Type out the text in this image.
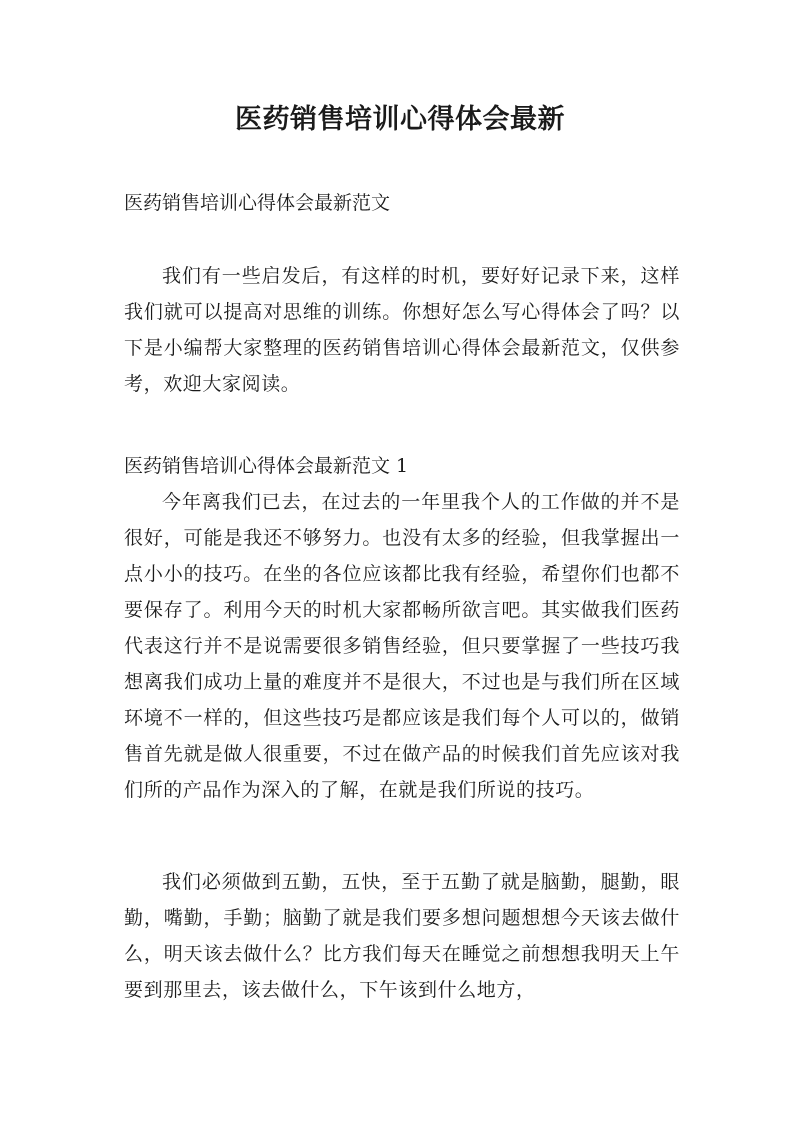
医药销售培训心得体会最新

医药销售培训心得体会最新范文

我们有一些启发后，有这样的时机，要好好记录下来，这样我们就可以提高对思维的训练。你想好怎么写心得体会了吗？以下是小编帮大家整理的医药销售培训心得体会最新范文，仅供参考，欢迎大家阅读。

医药销售培训心得体会最新范文 1

今年离我们已去，在过去的一年里我个人的工作做的并不是很好，可能是我还不够努力。也没有太多的经验，但我掌握出一点小小的技巧。在坐的各位应该都比我有经验，希望你们也都不要保存了。利用今天的时机大家都畅所欲言吧。其实做我们医药代表这行并不是说需要很多销售经验，但只要掌握了一些技巧我想离我们成功上量的难度并不是很大，不过也是与我们所在区域环境不一样的，但这些技巧是都应该是我们每个人可以的，做销售首先就是做人很重要，不过在做产品的时候我们首先应该对我们所的产品作为深入的了解，在就是我们所说的技巧。

我们必须做到五勤，五快，至于五勤了就是脑勤，腿勤，眼勤，嘴勤，手勤；脑勤了就是我们要多想问题想想今天该去做什么，明天该去做什么？比方我们每天在睡觉之前想想我明天上午要到那里去，该去做什么，下午该到什么地方，
